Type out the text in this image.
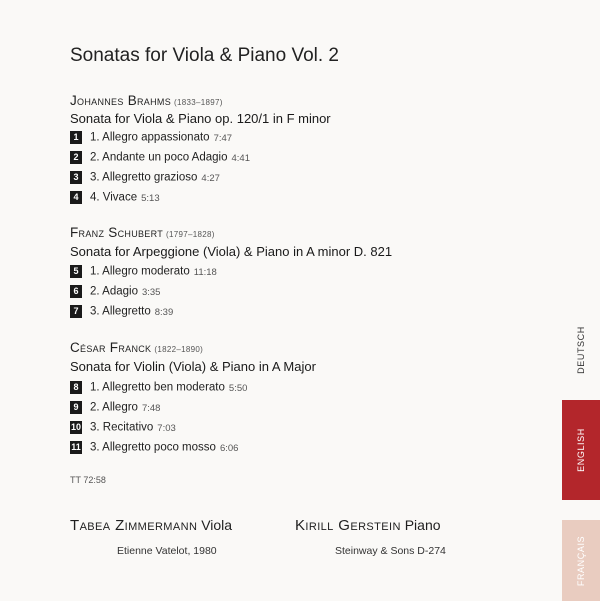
Sonatas for Viola & Piano Vol. 2
Johannes Brahms (1833–1897)
Sonata for Viola & Piano op. 120/1 in F minor
1 1. Allegro appassionato 7:47
2 2. Andante un poco Adagio 4:41
3 3. Allegretto grazioso 4:27
4 4. Vivace 5:13
Franz Schubert (1797–1828)
Sonata for Arpeggione (Viola) & Piano in A minor D. 821
5 1. Allegro moderato 11:18
6 2. Adagio 3:35
7 3. Allegretto 8:39
César Franck (1822–1890)
Sonata for Violin (Viola) & Piano in A Major
8 1. Allegretto ben moderato 5:50
9 2. Allegro 7:48
10 3. Recitativo 7:03
11 3. Allegretto poco mosso 6:06
TT 72:58
Tabea Zimmermann Viola
Etienne Vatelot, 1980
Kirill Gerstein Piano
Steinway & Sons D-274
DEUTSCH
ENGLISH
FRANÇAIS
